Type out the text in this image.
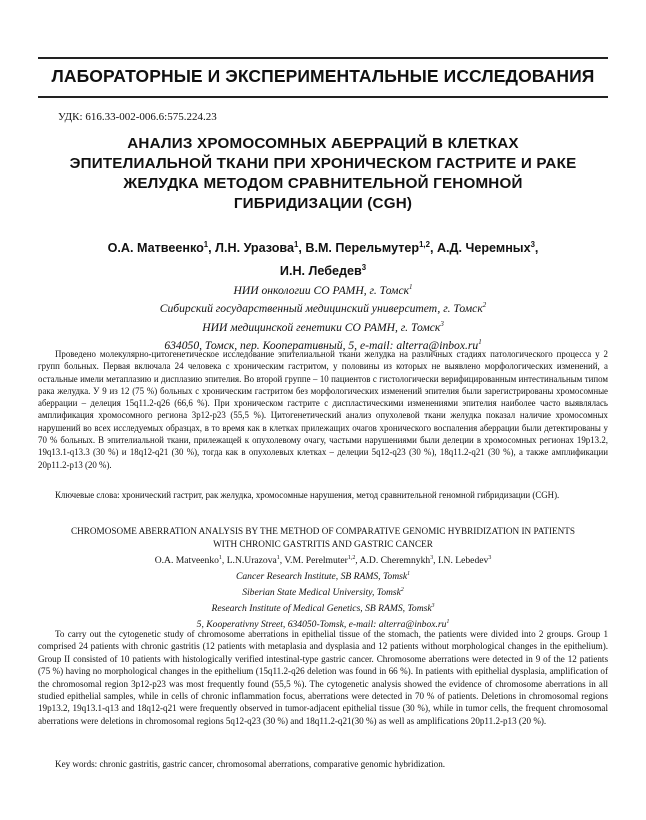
ЛАБОРАТОРНЫЕ И ЭКСПЕРИМЕНТАЛЬНЫЕ ИССЛЕДОВАНИЯ
УДК: 616.33-002-006.6:575.224.23
АНАЛИЗ ХРОМОСОМНЫХ АБЕРРАЦИЙ В КЛЕТКАХ ЭПИТЕЛИАЛЬНОЙ ТКАНИ ПРИ ХРОНИЧЕСКОМ ГАСТРИТЕ И РАКЕ ЖЕЛУДКА МЕТОДОМ СРАВНИТЕЛЬНОЙ ГЕНОМНОЙ ГИБРИДИЗАЦИИ (CGH)
О.А. Матвеенко$^1$, Л.Н. Уразова$^1$, В.М. Перельмутер$^{1,2}$, А.Д. Черемных$^3$,
И.Н. Лебедев$^3$
НИИ онкологии СО РАМН, г. Томск$^1$
Сибирский государственный медицинский университет, г. Томск$^2$
НИИ медицинской генетики СО РАМН, г. Томск$^3$
634050, Томск, пер. Кооперативный, 5, e-mail: $alterra@inbox.ru^1$
Проведено молекулярно-цитогенетическое исследование эпителиальной ткани желудка на различных стадиях патологического процесса у 2 групп больных. Первая включала 24 человека с хроническим гастритом, у половины из которых не выявлено морфологических изменений, а остальные имели метаплазию и дисплазию эпителия. Во второй группе – 10 пациентов с гистологически верифицированным интестинальным типом рака желудка. У 9 из 12 (75 %) больных с хроническим гастритом без морфологических изменений эпителия были зарегистрированы хромосомные аберрации – делеция 15q11.2-q26 (66,6 %). При хроническом гастрите с диспластическими изменениями эпителия наиболее часто выявлялась амплификация хромосомного региона 3p12-p23 (55,5 %). Цитогенетический анализ опухолевой ткани желудка показал наличие хромосомных нарушений во всех исследуемых образцах, в то время как в клетках прилежащих очагов хронического воспаления аберрации были детектированы у 70 % больных. В эпителиальной ткани, прилежащей к опухолевому очагу, частыми нарушениями были делеции в хромосомных регионах 19p13.2, 19q13.1-q13.3 (30 %) и 18q12-q21 (30 %), тогда как в опухолевых клетках – делеции 5q12-q23 (30 %), 18q11.2-q21 (30 %), а также амплификации 20p11.2-p13 (20 %).
Ключевые слова: хронический гастрит, рак желудка, хромосомные нарушения, метод сравнительной геномной гибридизации (CGH).
CHROMOSOME ABERRATION ANALYSIS BY THE METHOD OF COMPARATIVE GENOMIC HYBRIDIZATION IN PATIENTS WITH CHRONIC GASTRITIS AND GASTRIC CANCER
O.A. Matveenko$^1$, L.N.Urazova$^1$, V.M. Perelmuter$^{1,2}$, A.D. Cheremnykh$^3$, I.N. Lebedev$^3$
Cancer Research Institute, SB RAMS, Tomsk$^1$
Siberian State Medical University, Tomsk$^2$
Research Institute of Medical Genetics, SB RAMS, Tomsk$^3$
5, Kooperativny Street, 634050-Tomsk, e-mail: $alterra@inbox.ru^1$
To carry out the cytogenetic study of chromosome aberrations in epithelial tissue of the stomach, the patients were divided into 2 groups. Group 1 comprised 24 patients with chronic gastritis (12 patients with metaplasia and dysplasia and 12 patients without morphological changes in the epithelium). Group II consisted of 10 patients with histologically verified intestinal-type gastric cancer. Chromosome aberrations were detected in 9 of the 12 patients (75 %) having no morphological changes in the epithelium (15q11.2-q26 deletion was found in 66 %). In patients with epithelial dysplasia, amplification of the chromosomal region 3p12-p23 was most frequently found (55,5 %). The cytogenetic analysis showed the evidence of chromosome aberrations in all studied epithelial samples, while in cells of chronic inflammation focus, aberrations were detected in 70 % of patients. Deletions in chromosomal regions 19p13.2, 19q13.1-q13 and 18q12-q21 were frequently observed in tumor-adjacent epithelial tissue (30 %), while in tumor cells, the frequent chromosomal aberrations were deletions in chromosomal regions 5q12-q23 (30 %) and 18q11.2-q21(30 %) as well as amplifications 20p11.2-p13 (20 %).
Key words: chronic gastritis, gastric cancer, chromosomal aberrations, comparative genomic hybridization.
